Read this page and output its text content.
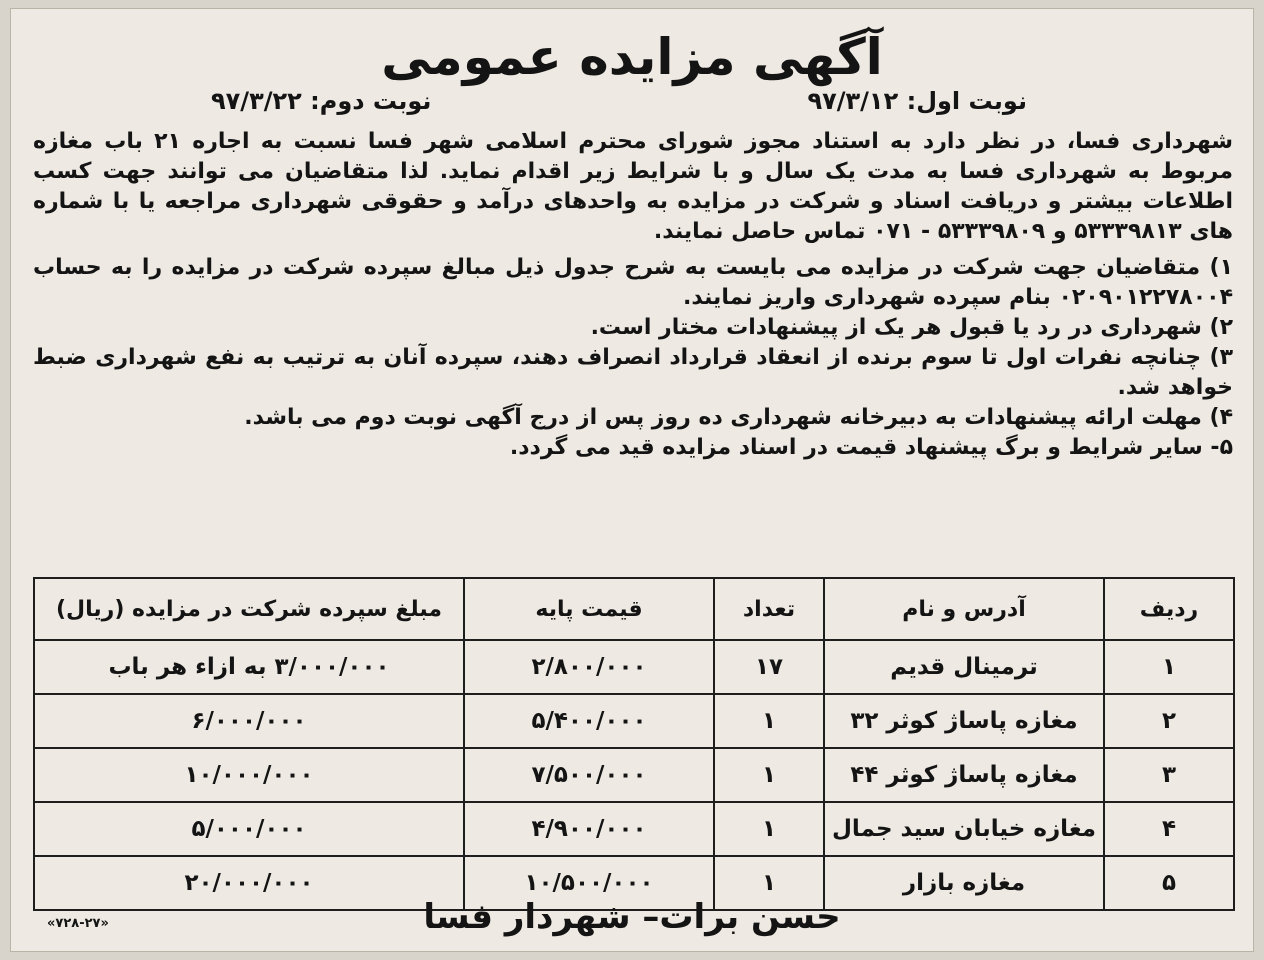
آگهی مزایده عمومی
نوبت اول: ۹۷/۳/۱۲
نوبت دوم: ۹۷/۳/۲۲

شهرداری فسا، در نظر دارد به استناد مجوز شورای محترم اسلامی شهر فسا نسبت به اجاره ۲۱ باب مغازه مربوط به شهرداری فسا به مدت یک سال و با شرایط زیر اقدام نماید. لذا متقاضیان می توانند جهت کسب اطلاعات بیشتر و دریافت اسناد و شرکت در مزایده به واحدهای درآمد و حقوقی شهرداری مراجعه یا با شماره های ۵۳۳۳۹۸۱۳ و ۵۳۳۳۹۸۰۹ - ۰۷۱ تماس حاصل نمایند.

۱) متقاضیان جهت شرکت در مزایده می بایست به شرح جدول ذیل مبالغ سپرده شرکت در مزایده را به حساب ۰۲۰۹۰۱۲۲۷۸۰۰۴ بنام سپرده شهرداری واریز نمایند.
۲) شهرداری در رد یا قبول هر یک از پیشنهادات مختار است.
۳) چنانچه نفرات اول تا سوم برنده از انعقاد قرارداد انصراف دهند، سپرده آنان به ترتیب به نفع شهرداری ضبط خواهد شد.
۴) مهلت ارائه پیشنهادات به دبیرخانه شهرداری ده روز پس از درج آگهی نوبت دوم می باشد.
۵- سایر شرایط و برگ پیشنهاد قیمت در اسناد مزایده قید می گردد.
ردیف	آدرس و نام	تعداد	قیمت پایه	مبلغ سپرده شرکت در مزایده (ریال)
۱	ترمینال قدیم	۱۷	۲/۸۰۰/۰۰۰	۳/۰۰۰/۰۰۰ به ازاء هر باب
۲	مغازه پاساژ کوثر ۳۲	۱	۵/۴۰۰/۰۰۰	۶/۰۰۰/۰۰۰
۳	مغازه پاساژ کوثر ۴۴	۱	۷/۵۰۰/۰۰۰	۱۰/۰۰۰/۰۰۰
۴	مغازه خیابان سید جمال	۱	۴/۹۰۰/۰۰۰	۵/۰۰۰/۰۰۰
۵	مغازه بازار	۱	۱۰/۵۰۰/۰۰۰	۲۰/۰۰۰/۰۰۰
حسن برات– شهردار فسا
«۷۲۸-۲۷»
